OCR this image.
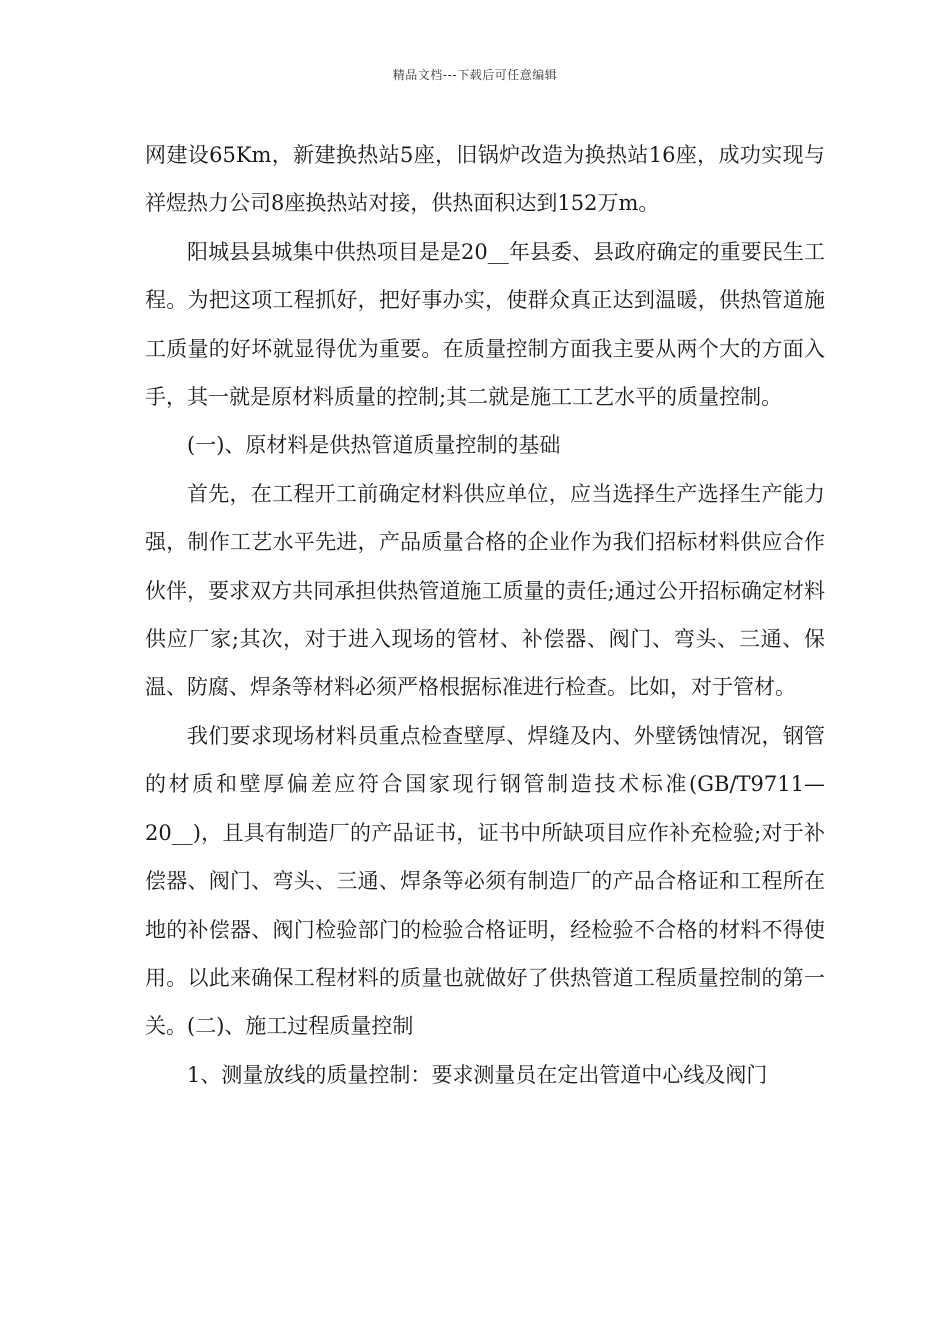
精品文档---下载后可任意编辑

网建设65Km，新建换热站5座，旧锅炉改造为换热站16座，成功实现与祥煜热力公司8座换热站对接，供热面积达到152万m。

阳城县县城集中供热项目是是20__年县委、县政府确定的重要民生工程。为把这项工程抓好，把好事办实，使群众真正达到温暖，供热管道施工质量的好坏就显得优为重要。在质量控制方面我主要从两个大的方面入手，其一就是原材料质量的控制;其二就是施工工艺水平的质量控制。

(一)、原材料是供热管道质量控制的基础

首先，在工程开工前确定材料供应单位，应当选择生产选择生产能力强，制作工艺水平先进，产品质量合格的企业作为我们招标材料供应合作伙伴，要求双方共同承担供热管道施工质量的责任;通过公开招标确定材料供应厂家;其次，对于进入现场的管材、补偿器、阀门、弯头、三通、保温、防腐、焊条等材料必须严格根据标准进行检查。比如，对于管材。

我们要求现场材料员重点检查壁厚、焊缝及内、外壁锈蚀情况，钢管的材质和壁厚偏差应符合国家现行钢管制造技术标准(GB/T9711—20__)，且具有制造厂的产品证书，证书中所缺项目应作补充检验;对于补偿器、阀门、弯头、三通、焊条等必须有制造厂的产品合格证和工程所在地的补偿器、阀门检验部门的检验合格证明，经检验不合格的材料不得使用。以此来确保工程材料的质量也就做好了供热管道工程质量控制的第一关。(二)、施工过程质量控制

1、测量放线的质量控制：要求测量员在定出管道中心线及阀门
